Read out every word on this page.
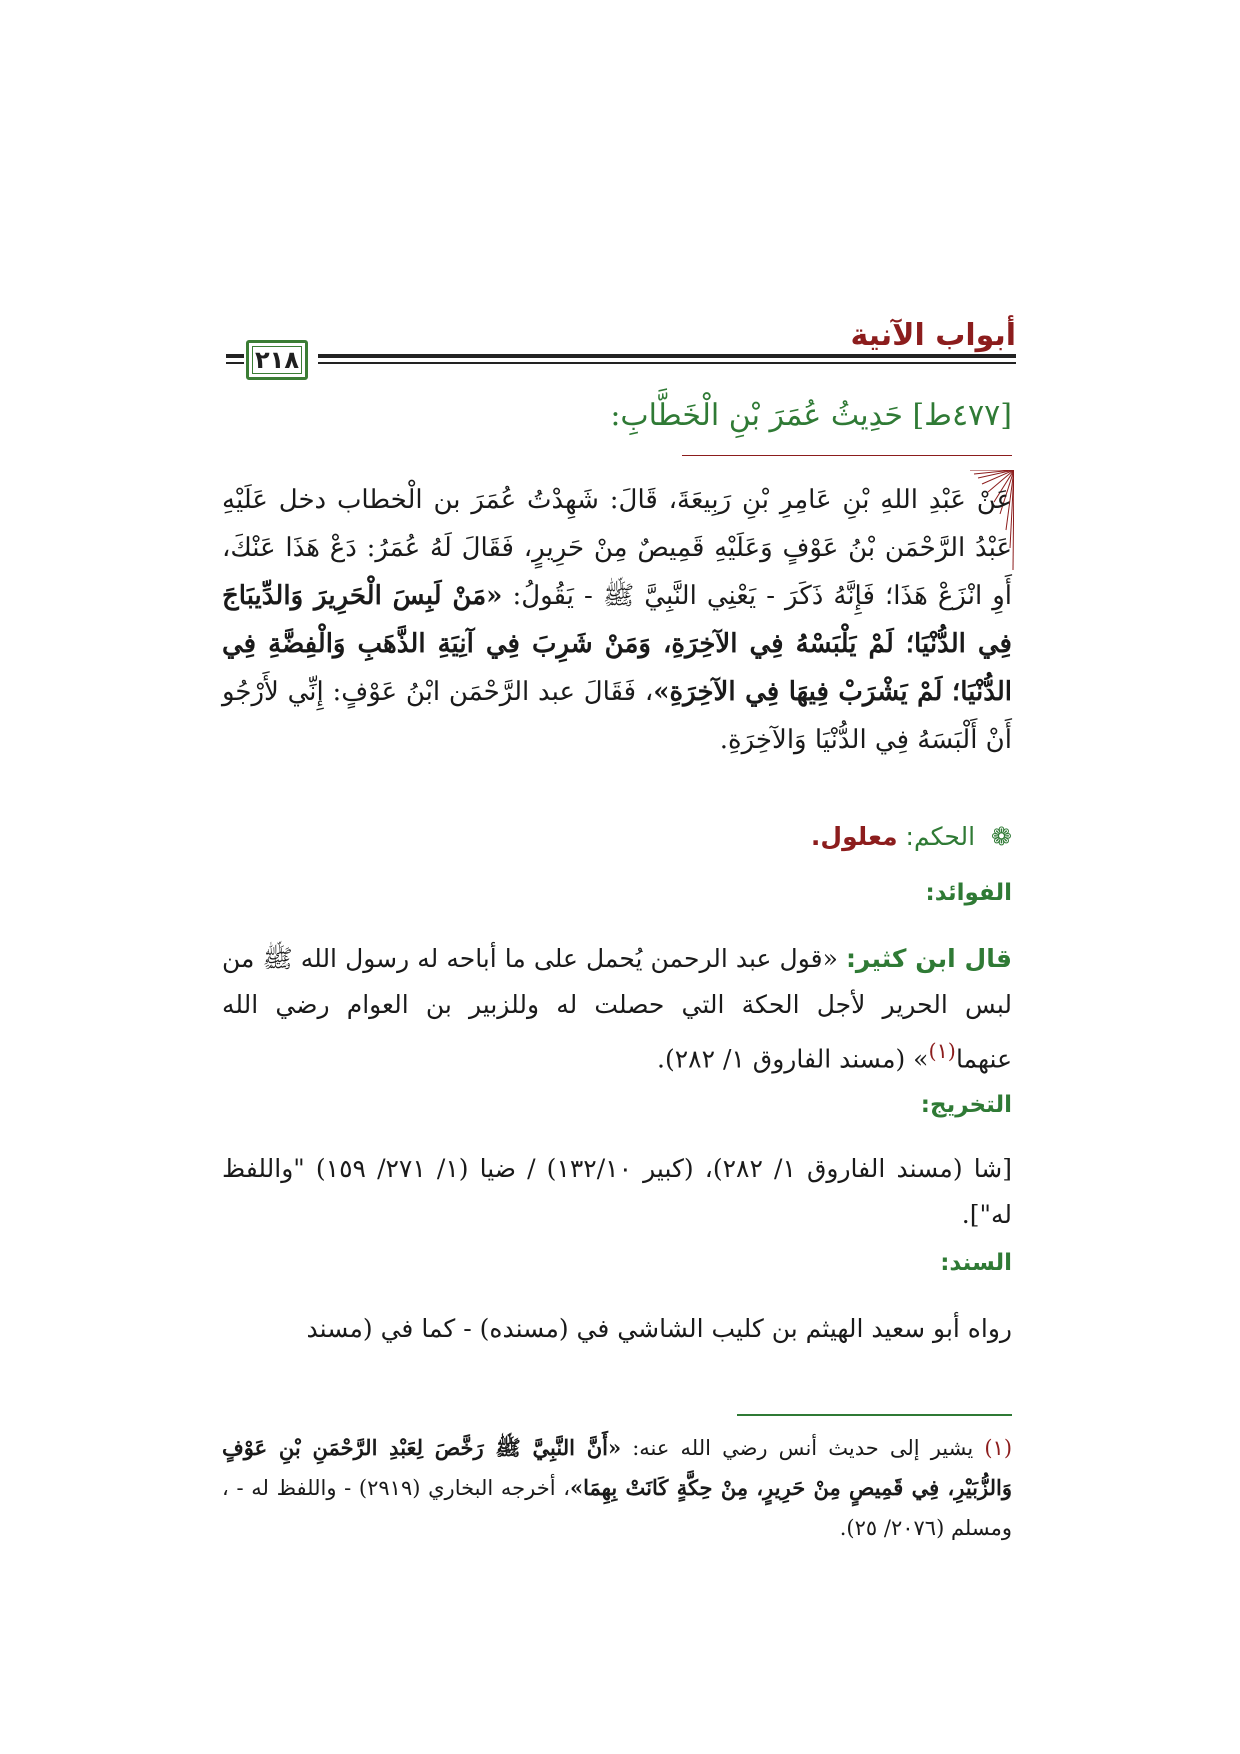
أبواب الآنية
٢١٨
[٤٧٧ط] حَدِيثُ عُمَرَ بْنِ الْخَطَّابِ:
عَنْ عَبْدِ اللهِ بْنِ عَامِرِ بْنِ رَبِيعَةَ، قَالَ: شَهِدْتُ عُمَرَ بن الْخطاب دخل عَلَيْهِ عَبْدُ الرَّحْمَن بْنُ عَوْفٍ وَعَلَيْهِ قَمِيصٌ مِنْ حَرِيرٍ، فَقَالَ لَهُ عُمَرُ: دَعْ هَذَا عَنْكَ، أَوِ انْزَعْ هَذَا؛ فَإِنَّهُ ذَكَرَ - يَعْنِي النَّبِيَّ ﷺ - يَقُولُ: «مَنْ لَبِسَ الْحَرِيرَ وَالدِّيبَاجَ فِي الدُّنْيَا؛ لَمْ يَلْبَسْهُ فِي الآخِرَةِ، وَمَنْ شَرِبَ فِي آنِيَةِ الذَّهَبِ وَالْفِضَّةِ فِي الدُّنْيَا؛ لَمْ يَشْرَبْ فِيهَا فِي الآخِرَةِ»، فَقَالَ عبد الرَّحْمَن ابْنُ عَوْفٍ: إِنِّي لأَرْجُو أَنْ أَلْبَسَهُ فِي الدُّنْيَا وَالآخِرَةِ.
❁ الحكم: معلول.
الفوائد:
قال ابن كثير: «قول عبد الرحمن يُحمل على ما أباحه له رسول الله ﷺ من لبس الحرير لأجل الحكة التي حصلت له وللزبير بن العوام رضي الله عنهما$^{(١)}$» (مسند الفاروق ١/ ٢٨٢).
التخريج:
[شا (مسند الفاروق ١/ ٢٨٢)، (كبير ١٣٢/١٠) / ضيا (١/ ٢٧١/ ١٥٩) "واللفظ له"].
السند:
رواه أبو سعيد الهيثم بن كليب الشاشي في (مسنده) - كما في (مسند
(١) يشير إلى حديث أنس رضي الله عنه: «أَنَّ النَّبِيَّ ﷺ رَخَّصَ لِعَبْدِ الرَّحْمَنِ بْنِ عَوْفٍ وَالزُّبَيْرِ، فِي قَمِيصٍ مِنْ حَرِيرٍ، مِنْ حِكَّةٍ كَانَتْ بِهِمَا»، أخرجه البخاري (٢٩١٩) - واللفظ له - ، ومسلم (٢٠٧٦/ ٢٥).
